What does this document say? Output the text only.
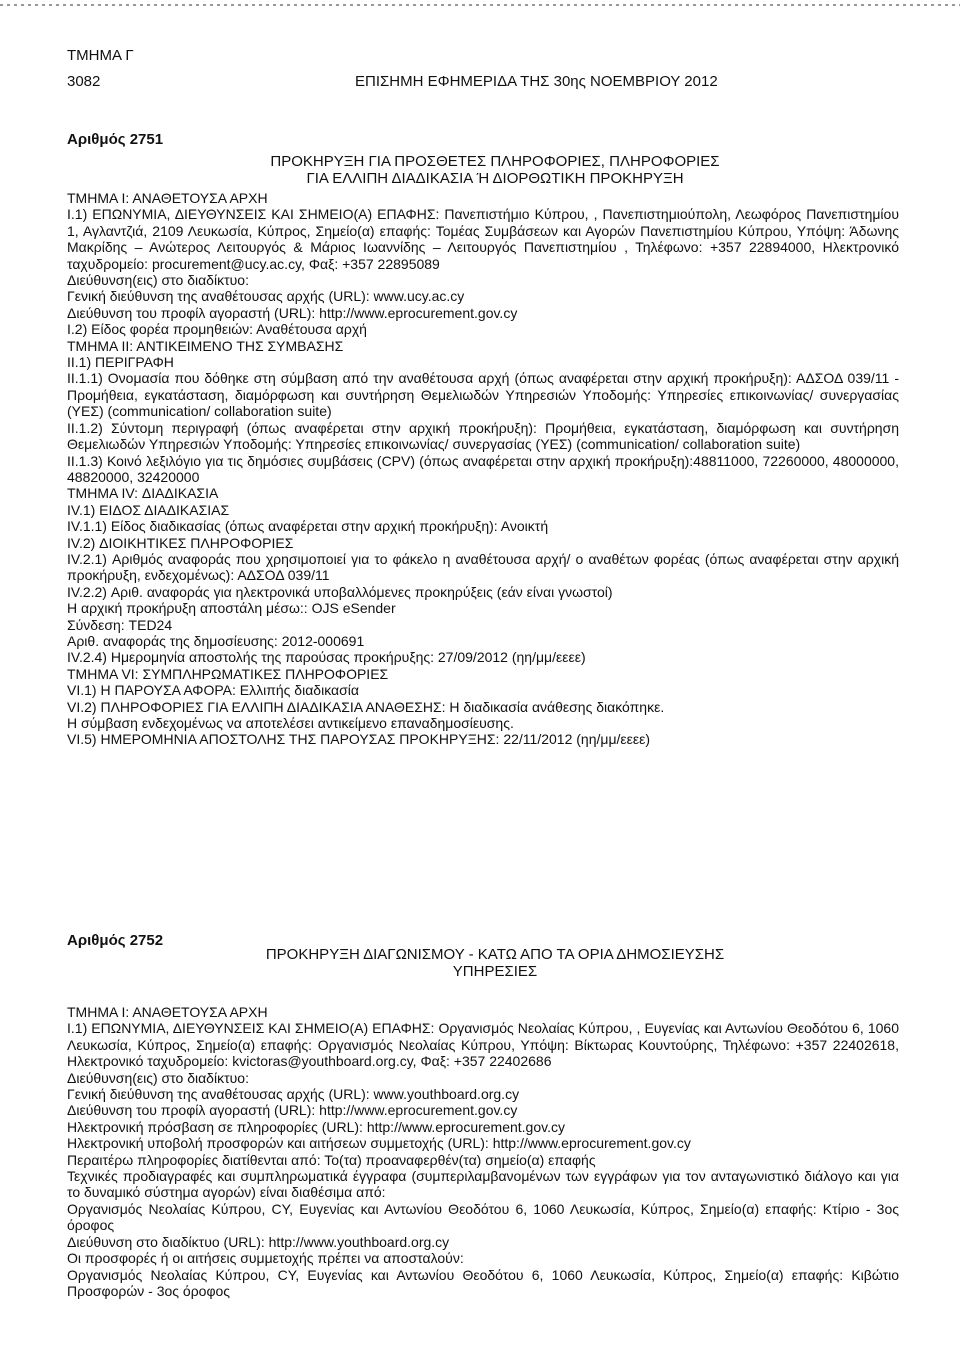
ΤΜΗΜΑ Γ
3082	ΕΠΙΣΗΜΗ ΕΦΗΜΕΡΙΔΑ ΤΗΣ 30ης ΝΟΕΜΒΡΙΟΥ 2012
Αριθμός 2751
ΠΡΟΚΗΡΥΞΗ ΓΙΑ ΠΡΟΣΘΕΤΕΣ ΠΛΗΡΟΦΟΡΙΕΣ, ΠΛΗΡΟΦΟΡΙΕΣ
ΓΙΑ ΕΛΛΙΠΗ ΔΙΑΔΙΚΑΣΙΑ Ή ΔΙΟΡΘΩΤΙΚΗ ΠΡΟΚΗΡΥΞΗ

ΤΜΗΜΑ Ι: ΑΝΑΘΕΤΟΥΣΑ ΑΡΧΗ

Ι.1) ΕΠΩΝΥΜΙΑ, ΔΙΕΥΘΥΝΣΕΙΣ ΚΑΙ ΣΗΜΕΙΟ(Α) ΕΠΑΦΗΣ: Πανεπιστήμιο Κύπρου, , Πανεπιστημιούπολη, Λεωφόρος Πανεπιστημίου 1, Αγλαντζιά, 2109 Λευκωσία, Κύπρος, Σημείο(α) επαφής: Τομέας Συμβάσεων και Αγορών Πανεπιστημίου Κύπρου, Υπόψη: Άδωνης Μακρίδης – Ανώτερος Λειτουργός & Μάριος Ιωαννίδης – Λειτουργός Πανεπιστημίου , Τηλέφωνο: +357 22894000, Ηλεκτρονικό ταχυδρομείο: procurement@ucy.ac.cy, Φαξ: +357 22895089

Διεύθυνση(εις) στο διαδίκτυο:

Γενική διεύθυνση της αναθέτουσας αρχής (URL): www.ucy.ac.cy

Διεύθυνση του προφίλ αγοραστή (URL): http://www.eprocurement.gov.cy

Ι.2) Είδος φορέα προμηθειών: Αναθέτουσα αρχή

ΤΜΗΜΑ ΙΙ: ΑΝΤΙΚΕΙΜΕΝΟ ΤΗΣ ΣΥΜΒΑΣΗΣ

ΙΙ.1) ΠΕΡΙΓΡΑΦΗ

ΙΙ.1.1) Ονομασία που δόθηκε στη σύμβαση από την αναθέτουσα αρχή (όπως αναφέρεται στην αρχική προκήρυξη): ΑΔΣΟΔ 039/11 - Προμήθεια, εγκατάσταση, διαμόρφωση και συντήρηση Θεμελιωδών Υπηρεσιών Υποδομής: Υπηρεσίες επικοινωνίας/ συνεργασίας (ΥΕΣ) (communication/ collaboration suite)

ΙΙ.1.2) Σύντομη περιγραφή (όπως αναφέρεται στην αρχική προκήρυξη): Προμήθεια, εγκατάσταση, διαμόρφωση και συντήρηση Θεμελιωδών Υπηρεσιών Υποδομής: Υπηρεσίες επικοινωνίας/ συνεργασίας (ΥΕΣ) (communication/ collaboration suite)

ΙΙ.1.3) Κοινό λεξιλόγιο για τις δημόσιες συμβάσεις (CPV) (όπως αναφέρεται στην αρχική προκήρυξη):48811000, 72260000, 48000000, 48820000, 32420000

ΤΜΗΜΑ IV: ΔΙΑΔΙΚΑΣΙΑ

IV.1) ΕΙΔΟΣ ΔΙΑΔΙΚΑΣΙΑΣ

IV.1.1) Είδος διαδικασίας (όπως αναφέρεται στην αρχική προκήρυξη): Ανοικτή

IV.2) ΔΙΟΙΚΗΤΙΚΕΣ ΠΛΗΡΟΦΟΡΙΕΣ

IV.2.1) Αριθμός αναφοράς που χρησιμοποιεί για το φάκελο η αναθέτουσα αρχή/ ο αναθέτων φορέας (όπως αναφέρεται στην αρχική προκήρυξη, ενδεχομένως): ΑΔΣΟΔ 039/11

IV.2.2) Αριθ. αναφοράς για ηλεκτρονικά υποβαλλόμενες προκηρύξεις (εάν είναι γνωστοί)

Η αρχική προκήρυξη αποστάλη μέσω:: OJS eSender

Σύνδεση: TED24

Αριθ. αναφοράς της δημοσίευσης: 2012-000691

IV.2.4) Ημερομηνία αποστολής της παρούσας προκήρυξης: 27/09/2012 (ηη/μμ/εεεε)

ΤΜΗΜΑ VI: ΣΥΜΠΛΗΡΩΜΑΤΙΚΕΣ ΠΛΗΡΟΦΟΡΙΕΣ

VI.1) Η ΠΑΡΟΥΣΑ ΑΦΟΡΑ: Ελλιπής διαδικασία

VI.2) ΠΛΗΡΟΦΟΡΙΕΣ ΓΙΑ ΕΛΛΙΠΗ ΔΙΑΔΙΚΑΣΙΑ ΑΝΑΘΕΣΗΣ: Η διαδικασία ανάθεσης διακόπηκε.

Η σύμβαση ενδεχομένως να αποτελέσει αντικείμενο επαναδημοσίευσης.

VI.5) ΗΜΕΡΟΜΗΝΙΑ ΑΠΟΣΤΟΛΗΣ ΤΗΣ ΠΑΡΟΥΣΑΣ ΠΡΟΚΗΡΥΞΗΣ: 22/11/2012 (ηη/μμ/εεεε)

Αριθμός 2752
ΠΡΟΚΗΡΥΞΗ ΔΙΑΓΩΝΙΣΜΟΥ - ΚΑΤΩ ΑΠΟ ΤΑ ΟΡΙΑ ΔΗΜΟΣΙΕΥΣΗΣ
ΥΠΗΡΕΣΙΕΣ

ΤΜΗΜΑ Ι: ΑΝΑΘΕΤΟΥΣΑ ΑΡΧΗ

Ι.1) ΕΠΩΝΥΜΙΑ, ΔΙΕΥΘΥΝΣΕΙΣ ΚΑΙ ΣΗΜΕΙΟ(Α) ΕΠΑΦΗΣ: Οργανισμός Νεολαίας Κύπρου, , Ευγενίας και Αντωνίου Θεοδότου 6, 1060 Λευκωσία, Κύπρος, Σημείο(α) επαφής: Οργανισμός Νεολαίας Κύπρου, Υπόψη: Βίκτωρας Κουντούρης, Τηλέφωνο: +357 22402618, Ηλεκτρονικό ταχυδρομείο: kvictoras@youthboard.org.cy, Φαξ: +357 22402686

Διεύθυνση(εις) στο διαδίκτυο:

Γενική διεύθυνση της αναθέτουσας αρχής (URL): www.youthboard.org.cy

Διεύθυνση του προφίλ αγοραστή (URL): http://www.eprocurement.gov.cy

Ηλεκτρονική πρόσβαση σε πληροφορίες (URL): http://www.eprocurement.gov.cy

Ηλεκτρονική υποβολή προσφορών και αιτήσεων συμμετοχής (URL): http://www.eprocurement.gov.cy

Περαιτέρω πληροφορίες διατίθενται από: Το(τα) προαναφερθέν(τα) σημείο(α) επαφής

Τεχνικές προδιαγραφές και συμπληρωματικά έγγραφα (συμπεριλαμβανομένων των εγγράφων για τον ανταγωνιστικό διάλογο και για το δυναμικό σύστημα αγορών) είναι διαθέσιμα από:

Οργανισμός Νεολαίας Κύπρου, CY, Ευγενίας και Αντωνίου Θεοδότου 6, 1060 Λευκωσία, Κύπρος, Σημείο(α) επαφής: Κτίριο - 3ος όροφος

Διεύθυνση στο διαδίκτυο (URL): http://www.youthboard.org.cy

Οι προσφορές ή οι αιτήσεις συμμετοχής πρέπει να αποσταλούν:

Οργανισμός Νεολαίας Κύπρου, CY, Ευγενίας και Αντωνίου Θεοδότου 6, 1060 Λευκωσία, Κύπρος, Σημείο(α) επαφής: Κιβώτιο Προσφορών - 3ος όροφος
